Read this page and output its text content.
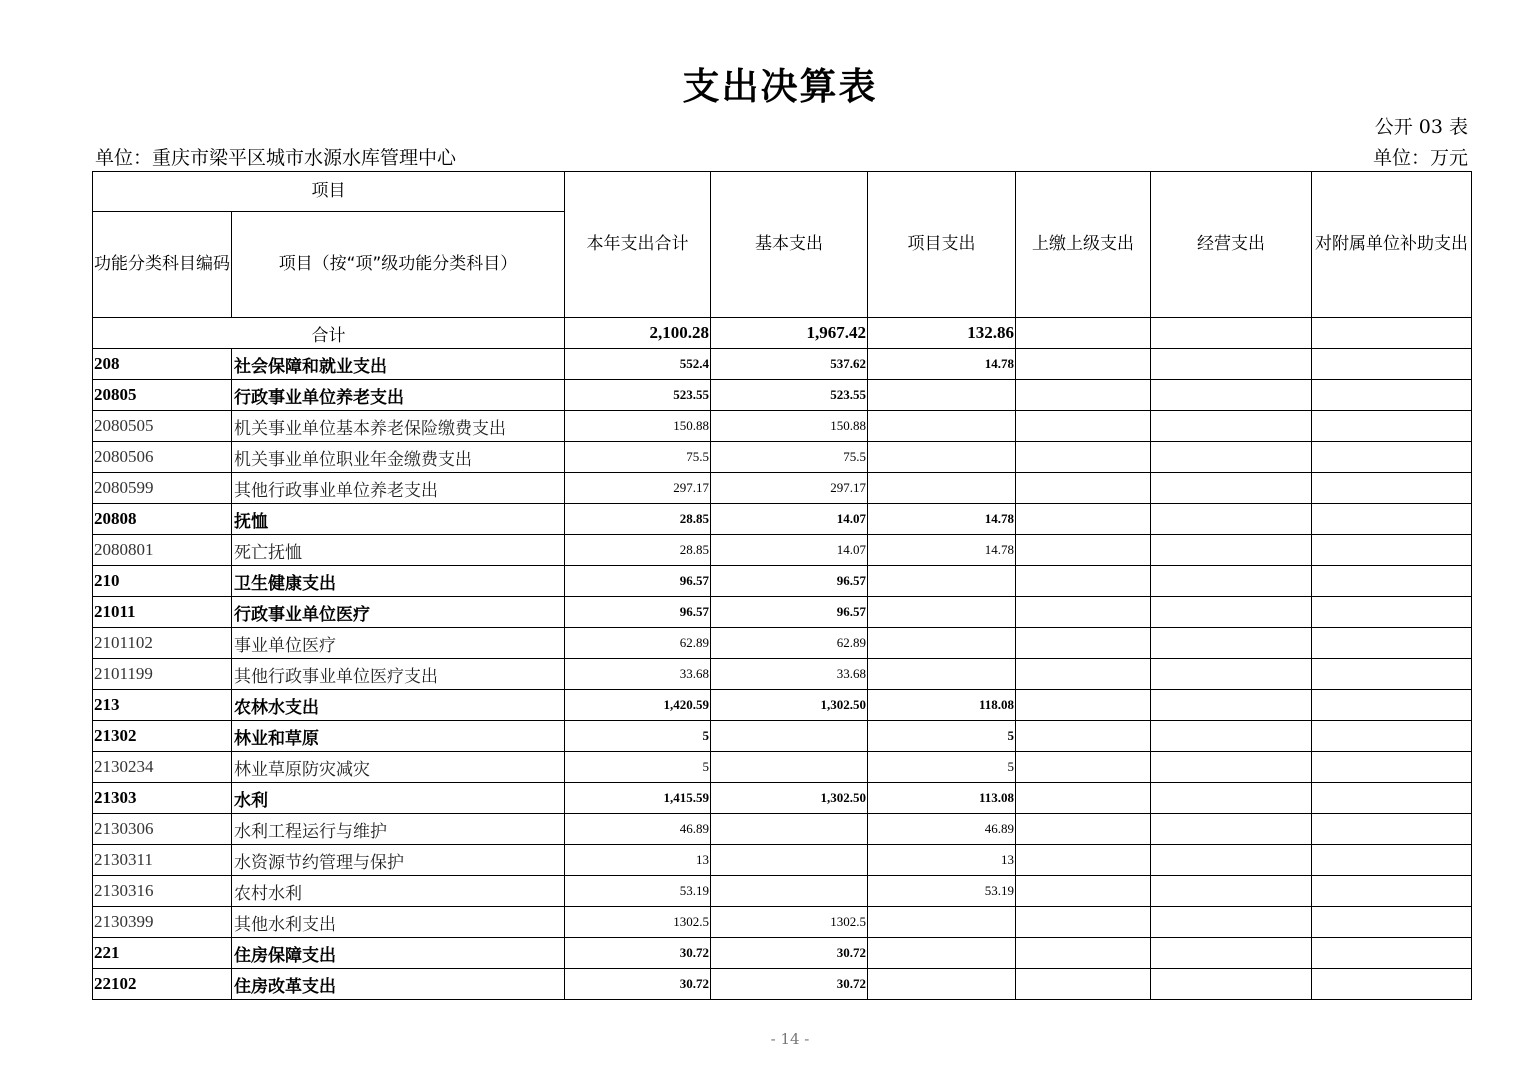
支出决算表
公开 03 表
单位：重庆市梁平区城市水源水库管理中心	单位：万元
项目		本年支出合计	基本支出	项目支出	上缴上级支出	经营支出	对附属单位补助支出
功能分类科目编码	项目（按“项”级功能分类科目）						
合计		2,100.28	1,967.42	132.86			
208	社会保障和就业支出	552.4	537.62	14.78			
20805	行政事业单位养老支出	523.55	523.55				
2080505	机关事业单位基本养老保险缴费支出	150.88	150.88				
2080506	机关事业单位职业年金缴费支出	75.5	75.5				
2080599	其他行政事业单位养老支出	297.17	297.17				
20808	抚恤	28.85	14.07	14.78			
2080801	死亡抚恤	28.85	14.07	14.78			
210	卫生健康支出	96.57	96.57				
21011	行政事业单位医疗	96.57	96.57				
2101102	事业单位医疗	62.89	62.89				
2101199	其他行政事业单位医疗支出	33.68	33.68				
213	农林水支出	1,420.59	1,302.50	118.08			
21302	林业和草原	5		5			
2130234	林业草原防灾减灾	5		5			
21303	水利	1,415.59	1,302.50	113.08			
2130306	水利工程运行与维护	46.89		46.89			
2130311	水资源节约管理与保护	13		13			
2130316	农村水利	53.19		53.19			
2130399	其他水利支出	1302.5	1302.5				
221	住房保障支出	30.72	30.72				
22102	住房改革支出	30.72	30.72				
- 14 -
